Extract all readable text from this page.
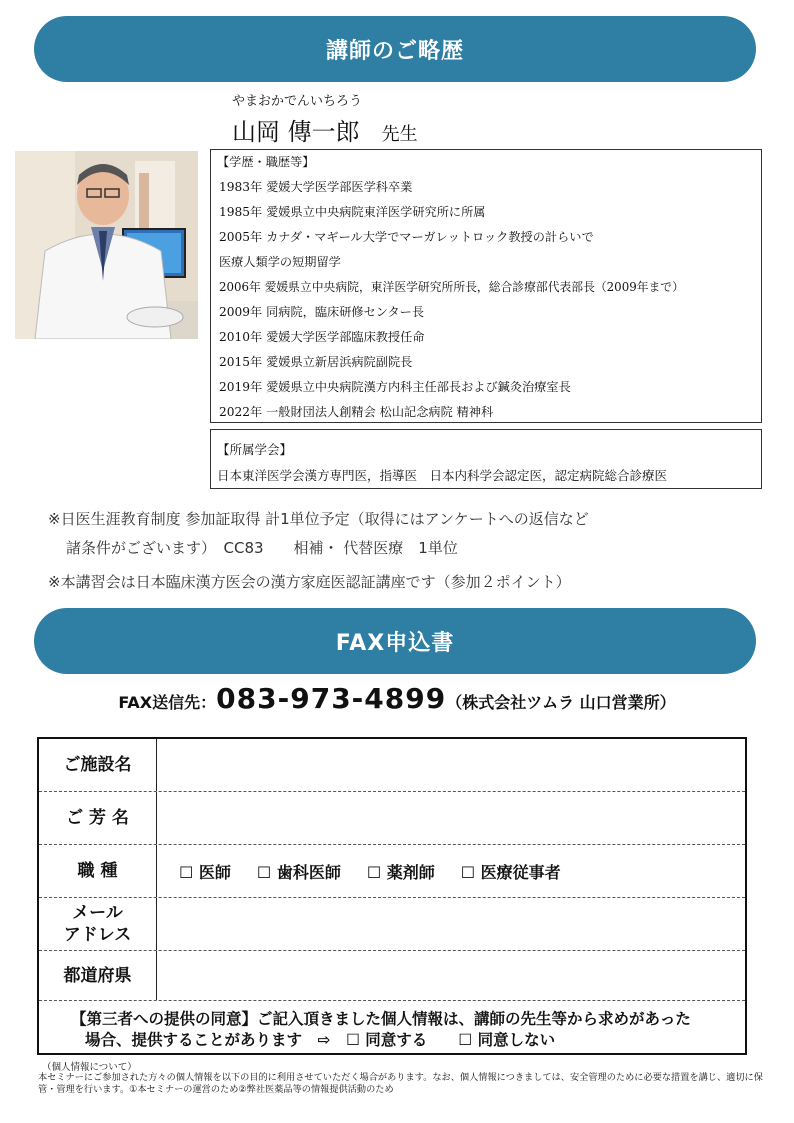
講師のご略歴
やまおかでんいちろう
山岡 傳一郎 先生
【学歴・職歴等】
1983年 愛媛大学医学部医学科卒業
1985年 愛媛県立中央病院東洋医学研究所に所属
2005年 カナダ・マギール大学でマーガレットロック教授の計らいで
医療人類学の短期留学
2006年 愛媛県立中央病院，東洋医学研究所所長，総合診療部代表部長（2009年まで）
2009年 同病院，臨床研修センター長
2010年 愛媛大学医学部臨床教授任命
2015年 愛媛県立新居浜病院副院長
2019年 愛媛県立中央病院漢方内科主任部長および鍼灸治療室長
2022年 一般財団法人創精会 松山記念病院 精神科
【所属学会】
日本東洋医学会漢方専門医，指導医　日本内科学会認定医，認定病院総合診療医
※日医生涯教育制度 参加証取得 計1単位予定（取得にはアンケートへの返信など
諸条件がございます）　CC83　　相補・ 代替医療　1単位
※本講習会は日本臨床漢方医会の漢方家庭医認証講座です（参加２ポイント）
FAX申込書
FAX送信先：083-973-4899（株式会社ツムラ 山口営業所）
ご施設名
ご 芳 名
職 種	☐ 医師 ☐ 歯科医師 ☐ 薬剤師 ☐ 医療従事者
メール
アドレス
都道府県
【第三者への提供の同意】ご記入頂きました個人情報は、講師の先生等から求めがあった
場合、提供することがあります　⇨　☐ 同意する　　☐ 同意しない
（個人情報について）
本セミナーにご参加された方々の個人情報を以下の目的に利用させていただく場合があります。なお、個人情報につきましては、安全管理のために必要な措置を講じ、適切に保管・管理を行います。①本セミナーの運営のため②弊社医薬品等の情報提供活動のため
